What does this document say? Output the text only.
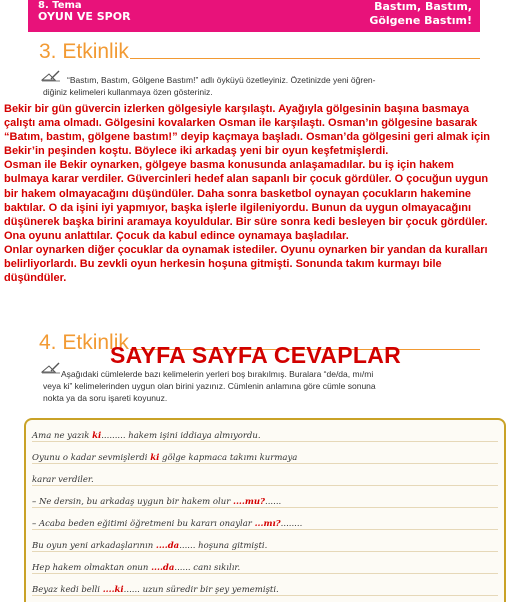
8. Tema
OYUN VE SPOR
Bastım, Bastım,
Gölgene Bastım!
3. Etkinlik
“Bastım, Bastım, Gölgene Bastım!” adlı öyküyü özetleyiniz. Özetinizde yeni öğren-
diğiniz kelimeleri kullanmaya özen gösteriniz.

Bekir bir gün güvercin izlerken gölgesiyle karşılaştı. Ayağıyla gölgesinin başına basmaya çalıştı ama olmadı. Gölgesini kovalarken Osman ile karşılaştı. Osman’ın gölgesine basarak “Batım, bastım, gölgene bastım!” deyip kaçmaya başladı. Osman’da gölgesini geri almak için Bekir’in peşinden koştu. Böylece iki arkadaş yeni bir oyun keşfetmişlerdi.

Osman ile Bekir oynarken, gölgeye basma konusunda anlaşamadılar. bu iş için hakem bulmaya karar verdiler. Güvercinleri hedef alan sapanlı bir çocuk gördüler. O çocuğun uygun bir hakem olmayacağını düşündüler. Daha sonra basketbol oynayan çocukların hakemine baktılar. O da işini iyi yapmıyor, başka işlerle ilgileniyordu. Bunun da uygun olmayacağını düşünerek başka birini aramaya koyuldular. Bir süre sonra kedi besleyen bir çocuk gördüler. Ona oyunu anlattılar. Çocuk da kabul edince oynamaya başladılar.

Onlar oynarken diğer çocuklar da oynamak istediler. Oyunu oynarken bir yandan da kuralları belirliyorlardı. Bu zevkli oyun herkesin hoşuna gitmişti. Sonunda takım kurmayı bile düşündüler.

4. Etkinlik
SAYFA SAYFA CEVAPLAR
Aşağıdaki cümlelerde bazı kelimelerin yerleri boş bırakılmış. Buralara “de/da, mı/mi
veya ki” kelimelerinden uygun olan birini yazınız. Cümlenin anlamına göre cümle sonuna
nokta ya da soru işareti koyunuz.
Ama ne yazık ki......... hakem işini iddiaya almıyordu.
Oyunu o kadar sevmişlerdi ki gölge kapmaca takımı kurmaya
karar verdiler.
– Ne dersin, bu arkadaş uygun bir hakem olur ....mu?......
– Acaba beden eğitimi öğretmeni bu kararı onaylar ...mı?........
Bu oyun yeni arkadaşlarının ....da...... hoşuna gitmişti.
Hep hakem olmaktan onun ....da...... canı sıkılır.
Beyaz kedi belli ....ki...... uzun süredir bir şey yememişti.
